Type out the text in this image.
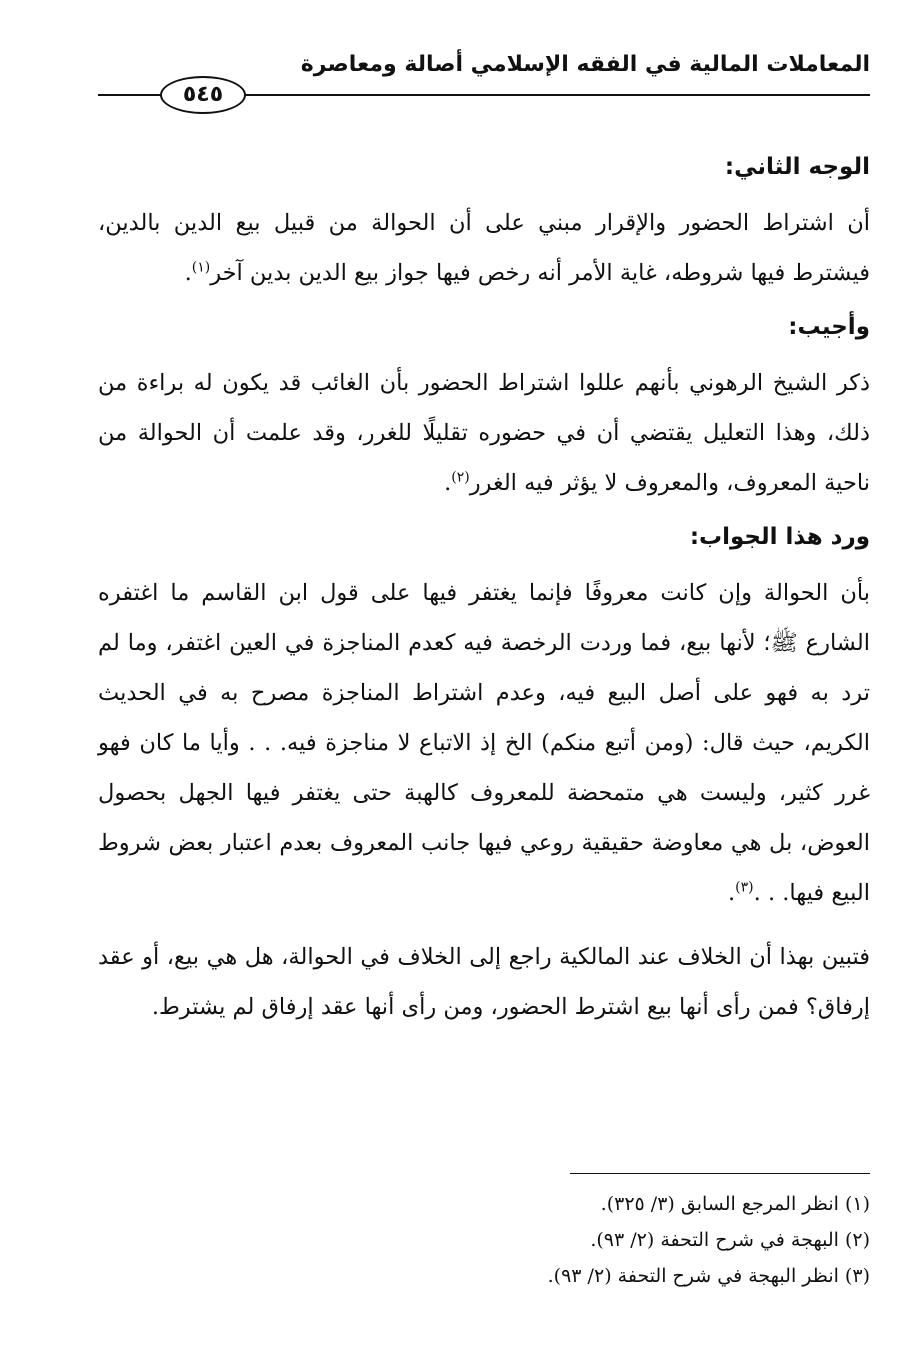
المعاملات المالية في الفقه الإسلامي أصالة ومعاصرة
٥٤٥

الوجه الثاني:

أن اشتراط الحضور والإقرار مبني على أن الحوالة من قبيل بيع الدين بالدين، فيشترط فيها شروطه، غاية الأمر أنه رخص فيها جواز بيع الدين بدين آخر$^{(١)}$.

وأجيب:

ذكر الشيخ الرهوني بأنهم عللوا اشتراط الحضور بأن الغائب قد يكون له براءة من ذلك، وهذا التعليل يقتضي أن في حضوره تقليلًا للغرر، وقد علمت أن الحوالة من ناحية المعروف، والمعروف لا يؤثر فيه الغرر$^{(٢)}$.

ورد هذا الجواب:

بأن الحوالة وإن كانت معروفًا فإنما يغتفر فيها على قول ابن القاسم ما اغتفره الشارع ﷺ؛ لأنها بيع، فما وردت الرخصة فيه كعدم المناجزة في العين اغتفر، وما لم ترد به فهو على أصل البيع فيه، وعدم اشتراط المناجزة مصرح به في الحديث الكريم، حيث قال: (ومن أتبع منكم) الخ إذ الاتباع لا مناجزة فيه. . . وأيا ما كان فهو غرر كثير، وليست هي متمحضة للمعروف كالهبة حتى يغتفر فيها الجهل بحصول العوض، بل هي معاوضة حقيقية روعي فيها جانب المعروف بعدم اعتبار بعض شروط البيع فيها. . .$^{(٣)}$.

فتبين بهذا أن الخلاف عند المالكية راجع إلى الخلاف في الحوالة، هل هي بيع، أو عقد إرفاق؟ فمن رأى أنها بيع اشترط الحضور، ومن رأى أنها عقد إرفاق لم يشترط.

(١) انظر المرجع السابق (٣/ ٣٢٥).
(٢) البهجة في شرح التحفة (٢/ ٩٣).
(٣) انظر البهجة في شرح التحفة (٢/ ٩٣).
